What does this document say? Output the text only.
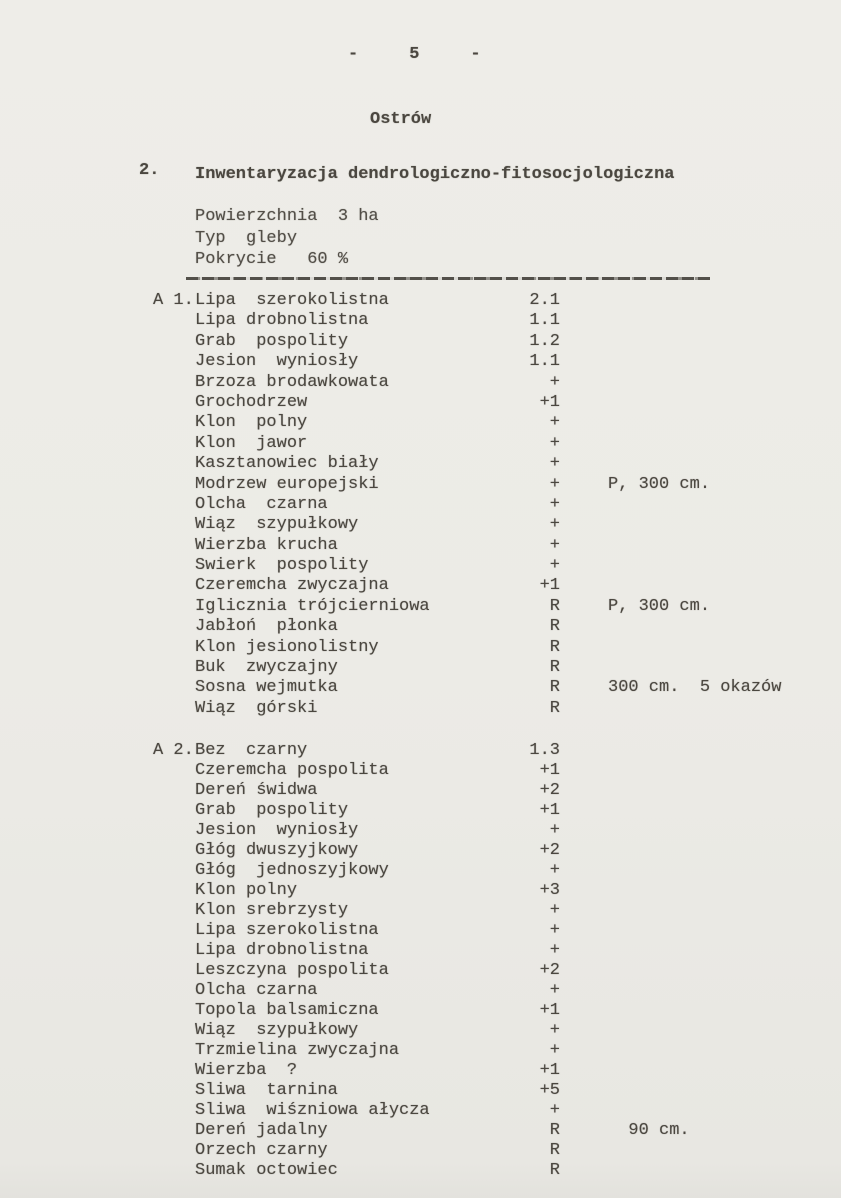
-     5     -
Ostrów
2. Inwentaryzacja dendrologiczno-fitosocjologiczna
Powierzchnia  3 ha
Typ  gleby
Pokrycie   60 %
A 1. Lipa  szerokolistna	2.1
Lipa drobnolistna	1.1
Grab  pospolity	1.2
Jesion  wyniosły	1.1
Brzoza brodawkowata	+
Grochodrzew	+1
Klon  polny	+
Klon  jawor	+
Kasztanowiec biały	+
Modrzew europejski	+	P, 300 cm.
Olcha  czarna	+
Wiąz  szypułkowy	+
Wierzba krucha	+
Swierk  pospolity	+
Czeremcha zwyczajna	+1
Iglicznia trójcierniowa	R	P, 300 cm.
Jabłoń  płonka	R
Klon jesionolistny	R
Buk  zwyczajny	R
Sosna wejmutka	R	300 cm.  5 okazów
Wiąz  górski	R
A 2. Bez  czarny	1.3
Czeremcha pospolita	+1
Dereń świdwa	+2
Grab  pospolity	+1
Jesion  wyniosły	+
Głóg dwuszyjkowy	+2
Głóg  jednoszyjkowy	+
Klon polny	+3
Klon srebrzysty	+
Lipa szerokolistna	+
Lipa drobnolistna	+
Leszczyna pospolita	+2
Olcha czarna	+
Topola balsamiczna	+1
Wiąz  szypułkowy	+
Trzmielina zwyczajna	+
Wierzba  ?	+1
Sliwa  tarnina	+5
Sliwa  wiśzniowa ałycza	+
Dereń jadalny	R	90 cm.
Orzech czarny	R
Sumak octowiec	R
